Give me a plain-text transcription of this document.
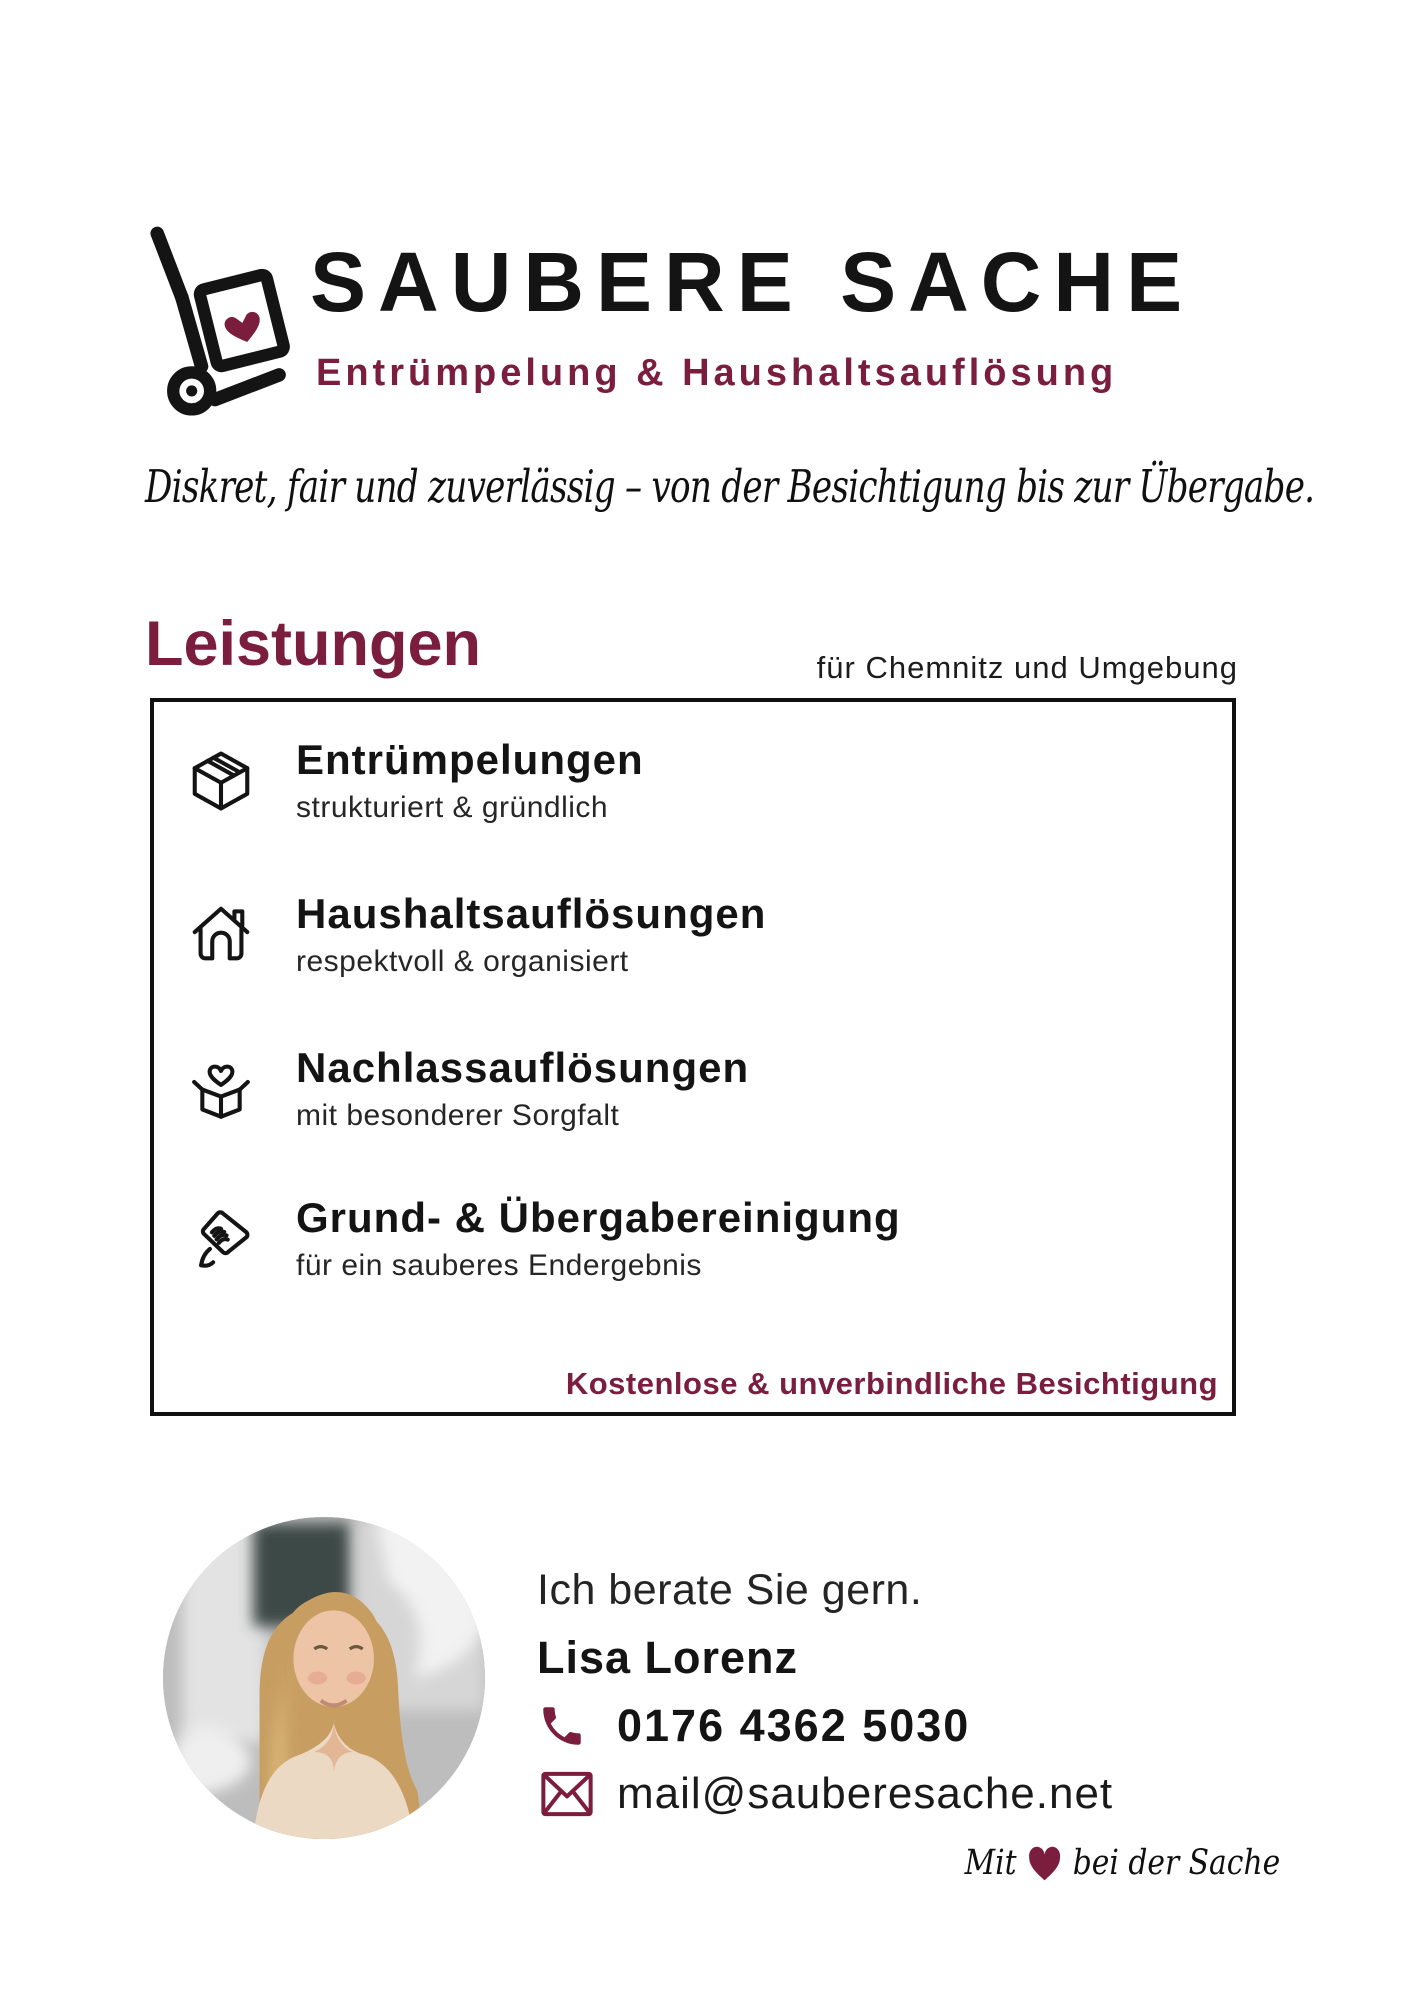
SAUBERE SACHE
Entrümpelung & Haushaltsauflösung
Diskret, fair und zuverlässig – von der Besichtigung bis zur Übergabe.
Leistungen	für Chemnitz und Umgebung
Entrümpelungen
strukturiert & gründlich
Haushaltsauflösungen
respektvoll & organisiert
Nachlassauflösungen
mit besonderer Sorgfalt
Grund- & Übergabereinigung
für ein sauberes Endergebnis
Kostenlose & unverbindliche Besichtigung
Ich berate Sie gern.
Lisa Lorenz
0176 4362 5030
mail@sauberesache.net
Mit bei der Sache
